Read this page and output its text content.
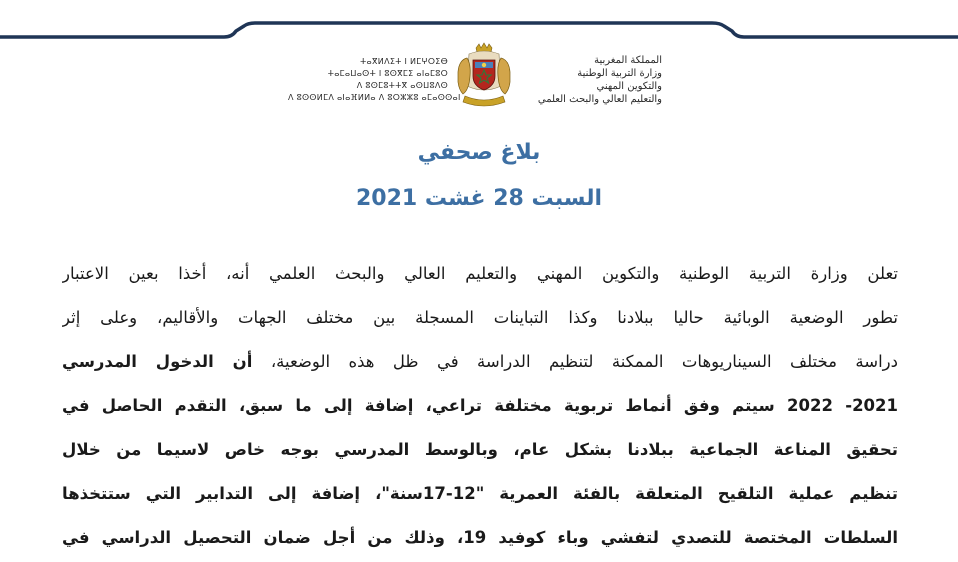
ⵜⴰⴳⵍⴷⵉⵜ ⵏ ⵍⵎⵖⵔⵉⴱ
ⵜⴰⵎⴰⵡⴰⵙⵜ ⵏ ⵓⵙⴳⵎⵉ ⴰⵏⴰⵎⵓⵔ
ⴷ ⵓⵙⵎⵓⵜⵜⴳ ⴰⵙⵡⵓⴷⵙ
ⴷ ⵓⵙⵙⵍⵎⴷ ⴰⵏⴰⴼⵍⵍⴰ ⴷ ⵓⵔⵣⵣⵓ ⴰⵎⴰⵙⵙⴰⵏ
المملكة المغربية
وزارة التربية الوطنية
والتكوين المهني
والتعليم العالي والبحث العلمي
بلاغ صحفي
السبت 28 غشت 2021
تعلن وزارة التربية الوطنية والتكوين المهني والتعليم العالي والبحث العلمي أنه، أخذا بعين الاعتبار
تطور الوضعية الوبائية حاليا ببلادنا وكذا التباينات المسجلة بين مختلف الجهات والأقاليم، وعلى إثر
دراسة مختلف السيناريوهات الممكنة لتنظيم الدراسة في ظل هذه الوضعية، أن الدخول المدرسي
2021- 2022 سيتم وفق أنماط تربوية مختلفة تراعي، إضافة إلى ما سبق، التقدم الحاصل في
تحقيق المناعة الجماعية ببلادنا بشكل عام، وبالوسط المدرسي بوجه خاص لاسيما من خلال
تنظيم عملية التلقيح المتعلقة بالفئة العمرية "12-17سنة"، إضافة إلى التدابير التي ستتخذها
السلطات المختصة للتصدي لتفشي وباء كوفيد 19، وذلك من أجل ضمان التحصيل الدراسي في
